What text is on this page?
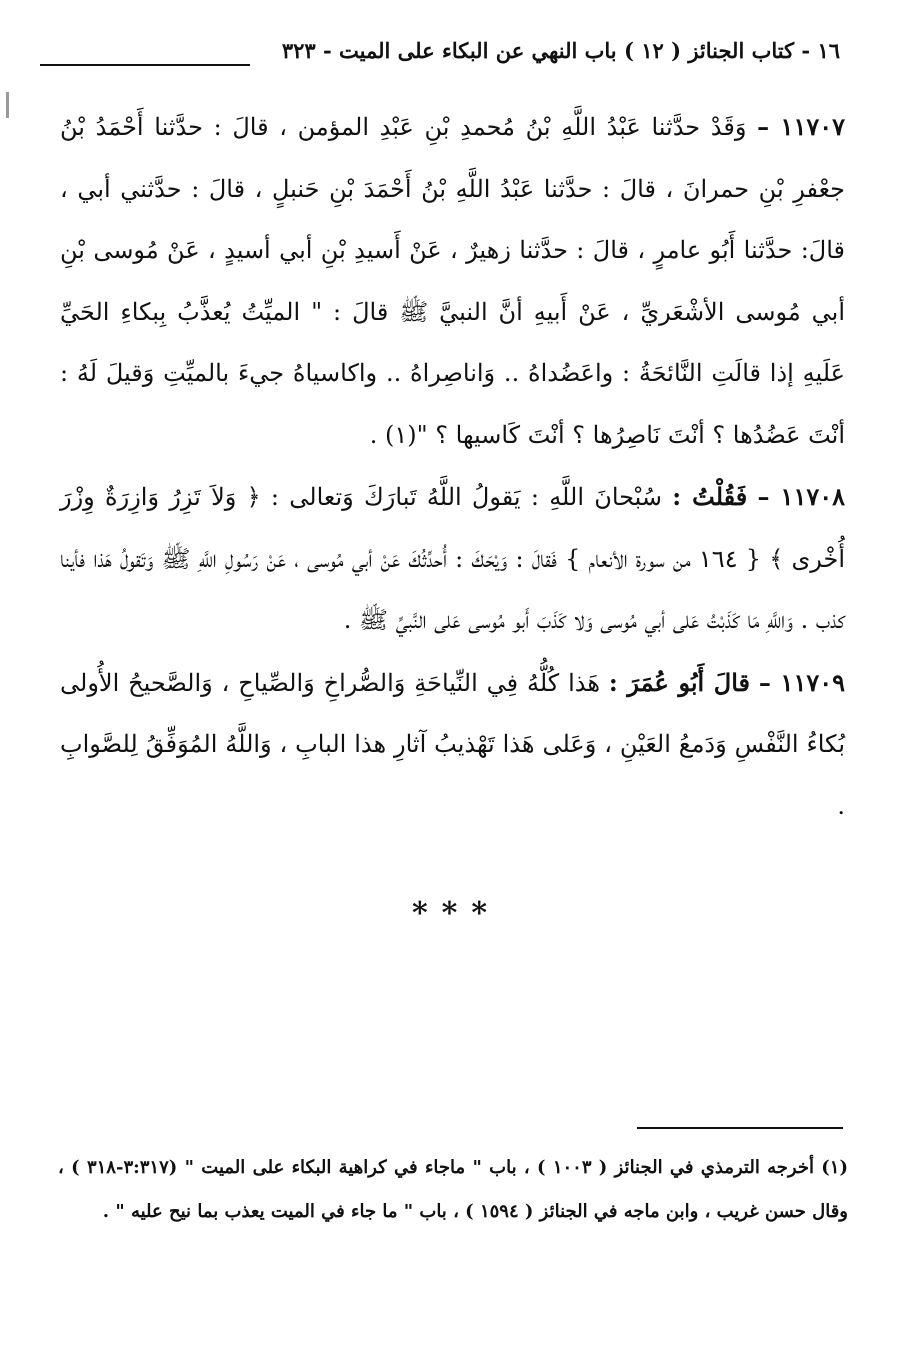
١٦ - كتاب الجنائز ( ١٢ ) باب النهي عن البكاء على الميت - ٣٢٣

١١٧٠٧ – وَقَدْ حدَّثنا عَبْدُ اللَّهِ بْنُ مُحمدِ بْنِ عَبْدِ المؤمن ، قالَ : حدَّثنا أَحْمَدُ بْنُ جعْفرِ بْنِ حمرانَ ، قالَ : حدَّثنا عَبْدُ اللَّهِ بْنُ أَحْمَدَ بْنِ حَنبلٍ ، قالَ : حدَّثني أبي ، قالَ: حدَّثنا أَبُو عامرٍ ، قالَ : حدَّثنا زهيرٌ ، عَنْ أَسيدِ بْنِ أبي أسيدٍ ، عَنْ مُوسى بْنِ أبي مُوسى الأشْعَريِّ ، عَنْ أَبيهِ أنَّ النبيَّ ﷺ قالَ : " الميِّتُ يُعذَّبُ بِبكاءِ الحَيِّ عَلَيهِ إذا قالَتِ النَّائحَةُ : واعَضُداهُ .. وَاناصِراهُ .. واكاسياهُ جيءَ بالميِّتِ وَقيلَ لَهُ : أنْتَ عَضُدُها ؟ أنْتَ نَاصِرُها ؟ أنْتَ كَاسيها ؟ "(١) .

١١٧٠٨ – فَقُلْتُ : سُبْحانَ اللَّهِ : يَقولُ اللَّهُ تَبارَكَ وَتعالى : ﴿ وَلاَ تَزِرُ وَازِرَةٌ وِزْرَ أُخْرى ﴾ { ١٦٤ من سورة الأنعام } فَقالَ : وَيْحَكَ : أُحدِّثُكَ عَنْ أبي مُوسى ، عَنْ رَسُولِ اللَّهِ ﷺ وَتَقولُ هَذا فأينا كذب . وَاللَّهِ مَا كَذَبْتُ عَلى أبي مُوسى وَلا كَذَبَ أَبو مُوسى عَلى النَّبيِّ ﷺ .

١١٧٠٩ – قالَ أَبُو عُمَرَ : هَذا كُلُّهُ فِي النِّياحَةِ وَالصُّراخِ وَالصِّياحِ ، وَالصَّحيحُ الأُولى بُكاءُ النَّفْسِ وَدَمعُ العَيْنِ ، وَعَلى هَذا تَهْذيبُ آثارِ هذا البابِ ، وَاللَّهُ المُوَفِّقُ لِلصَّوابِ .

***

(١) أخرجه الترمذي في الجنائز ( ١٠٠٣ ) ، باب " ماجاء في كراهية البكاء على الميت " (٣:٣١٧-٣١٨ ) ، وقال حسن غريب ، وابن ماجه في الجنائز ( ١٥٩٤ ) ، باب " ما جاء في الميت يعذب بما نيح عليه " .
